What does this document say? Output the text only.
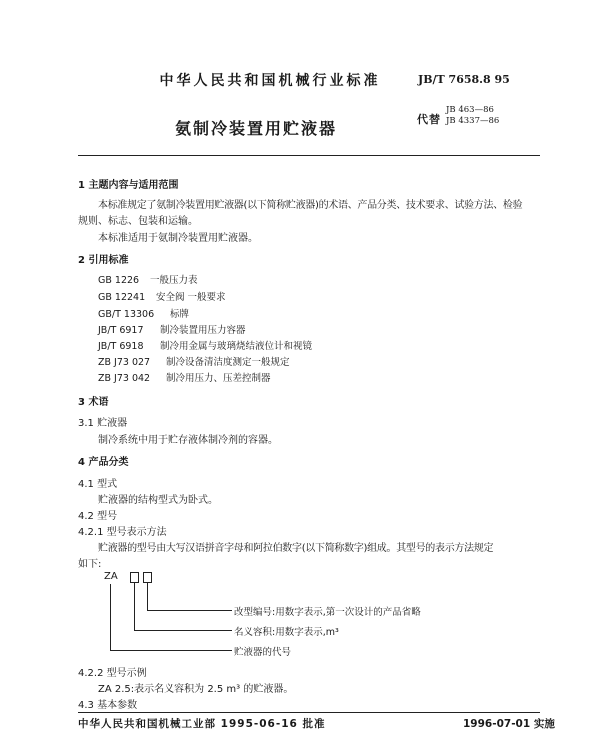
中华人民共和国机械行业标准	JB/T 7658.8 95
氨制冷装置用贮液器	代替
JB 463—86
JB 4337—86
1 主题内容与适用范围
本标准规定了氨制冷装置用贮液器(以下简称贮液器)的术语、产品分类、技术要求、试验方法、检验
规则、标志、包装和运输。
本标准适用于氨制冷装置用贮液器。
2 引用标准
GB 1226 一般压力表
GB 12241 安全阀 一般要求
GB/T 13306 标牌
JB/T 6917 制冷装置用压力容器
JB/T 6918 制冷用金属与玻璃烧结液位计和视镜
ZB J73 027 制冷设备清洁度测定一般规定
ZB J73 042 制冷用压力、压差控制器
3 术语
3.1 贮液器
制冷系统中用于贮存液体制冷剂的容器。
4 产品分类
4.1 型式
贮液器的结构型式为卧式。
4.2 型号
4.2.1 型号表示方法
贮液器的型号由大写汉语拼音字母和阿拉伯数字(以下简称数字)组成。其型号的表示方法规定
如下:
ZA
改型编号:用数字表示,第一次设计的产品省略
名义容积:用数字表示,m³
贮液器的代号
4.2.2 型号示例
ZA 2.5:表示名义容积为 2.5 m³ 的贮液器。
4.3 基本参数
中华人民共和国机械工业部 1995-06-16 批准	1996-07-01 实施
